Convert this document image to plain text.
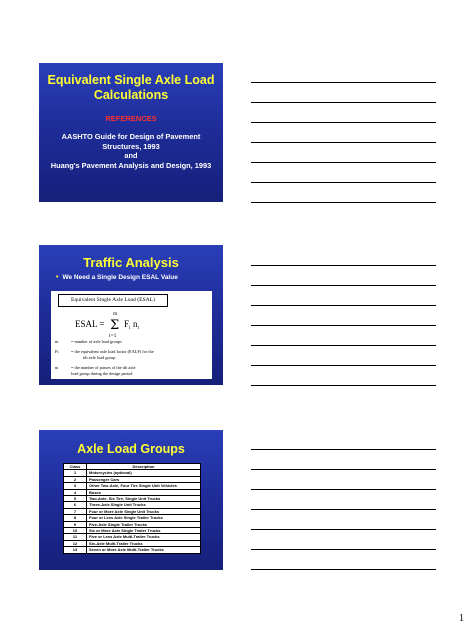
Equivalent Single Axle Load Calculations
REFERENCES
AASHTO Guide for Design of Pavement Structures, 1993
and
Huang's Pavement Analysis and Design, 1993
Traffic Analysis
• We Need a Single Design ESAL Value
Equivalent Single Axle Load (ESAL)
ESAL =
m
Σ
i=1
F i n i
m	= number of axle load groups
Fi	= the equivalent axle load factor (EALF) for the
ith axle load group
ni	= the number of passes of the ith axle
load group during the design period
Axle Load Groups
Class	Description
1	Motorcycles (optional)
2	Passenger Cars
3	Other Two-Axle, Four Tire Single Unit Vehicles
4	Buses
5	Two-Axle, Six Tire, Single Unit Trucks
6	Three-Axle Single Unit Trucks
7	Four or More Axle Single Unit Trucks
8	Four or Less Axle Single Trailer Trucks
9	Five-Axle Single Trailer Trucks
10	Six or More Axle Single Trailer Trucks
11	Five or Less Axle Multi-Trailer Trucks
12	Six-Axle Multi-Trailer Trucks
13	Seven or More Axle Multi-Trailer Trucks
1
